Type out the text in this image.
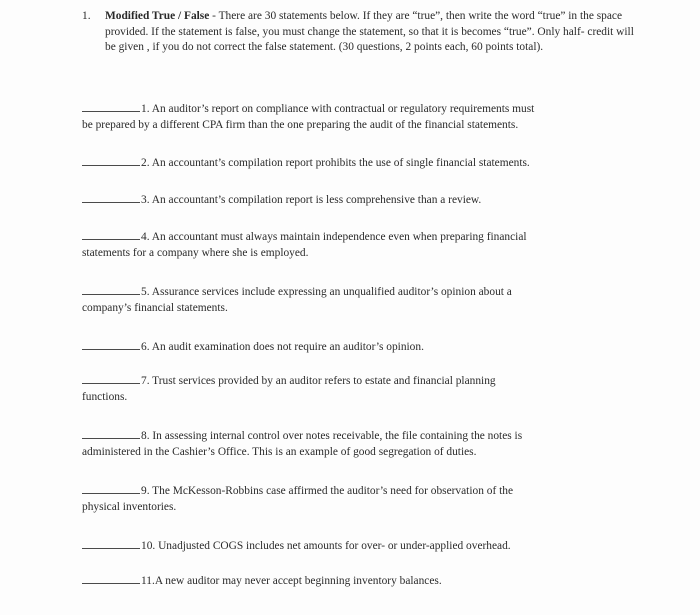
1. Modified True / False - There are 30 statements below. If they are “true”, then write the word “true” in the space provided. If the statement is false, you must change the statement, so that it is becomes “true”. Only half- credit will be given , if you do not correct the false statement. (30 questions, 2 points each, 60 points total).
1. An auditor’s report on compliance with contractual or regulatory requirements must
be prepared by a different CPA firm than the one preparing the audit of the financial statements.
2. An accountant’s compilation report prohibits the use of single financial statements.
3. An accountant’s compilation report is less comprehensive than a review.
4. An accountant must always maintain independence even when preparing financial
statements for a company where she is employed.
5. Assurance services include expressing an unqualified auditor’s opinion about a
company’s financial statements.
6. An audit examination does not require an auditor’s opinion.
7. Trust services provided by an auditor refers to estate and financial planning
functions.
8. In assessing internal control over notes receivable, the file containing the notes is
administered in the Cashier’s Office. This is an example of good segregation of duties.
9. The McKesson-Robbins case affirmed the auditor’s need for observation of the
physical inventories.
10. Unadjusted COGS includes net amounts for over- or under-applied overhead.
11.A new auditor may never accept beginning inventory balances.
